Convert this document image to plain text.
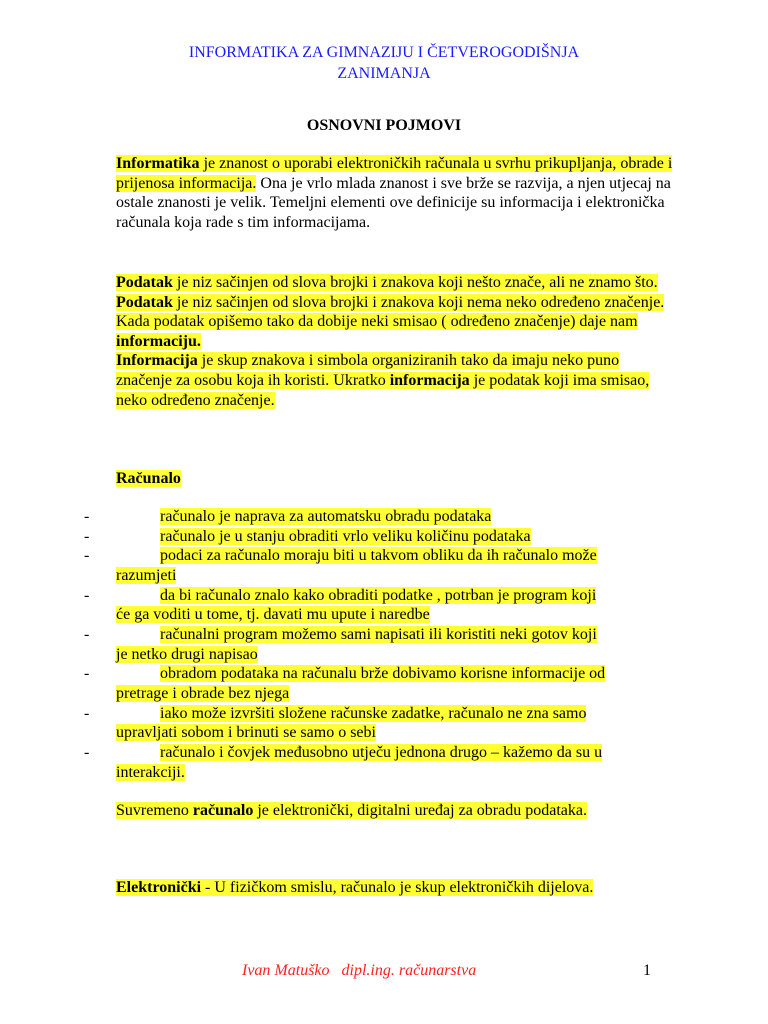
INFORMATIKA ZA GIMNAZIJU I ČETVEROGODIŠNJA
ZANIMANJA
OSNOVNI POJMOVI
Informatika je znanost o uporabi elektroničkih računala u svrhu prikupljanja, obrade i prijenosa informacija. Ona je vrlo mlada znanost i sve brže se razvija, a njen utjecaj na ostale znanosti je velik. Temeljni elementi ove definicije su informacija i elektronička računala koja rade s tim informacijama.
Podatak je niz sačinjen od slova brojki i znakova koji nešto znače, ali ne znamo što.
Podatak je niz sačinjen od slova brojki i znakova koji nema neko određeno značenje.
Kada podatak opišemo tako da dobije neki smisao ( određeno značenje) daje nam informaciju.
Informacija je skup znakova i simbola organiziranih tako da imaju neko puno značenje za osobu koja ih koristi. Ukratko informacija je podatak koji ima smisao, neko određeno značenje.
Računalo
-	računalo je naprava za automatsku obradu podataka
-	računalo je u stanju obraditi vrlo veliku količinu podataka
-	podaci za računalo moraju biti u takvom obliku da ih računalo može
razumjeti
-	da bi računalo znalo kako obraditi podatke , potrban je program koji
će ga voditi u tome, tj. davati mu upute i naredbe
-	računalni program možemo sami napisati ili koristiti neki gotov koji
je netko drugi napisao
-	obradom podataka na računalu brže dobivamo korisne informacije od
pretrage i obrade bez njega
-	iako može izvršiti složene računske zadatke, računalo ne zna samo
upravljati sobom i brinuti se samo o sebi
-	računalo i čovjek međusobno utječu jednona drugo – kažemo da su u
interakciji.
Suvremeno računalo je elektronički, digitalni uređaj za obradu podataka.
Elektronički - U fizičkom smislu, računalo je skup elektroničkih dijelova.
Ivan Matuško   dipl.ing. računarstva	1
